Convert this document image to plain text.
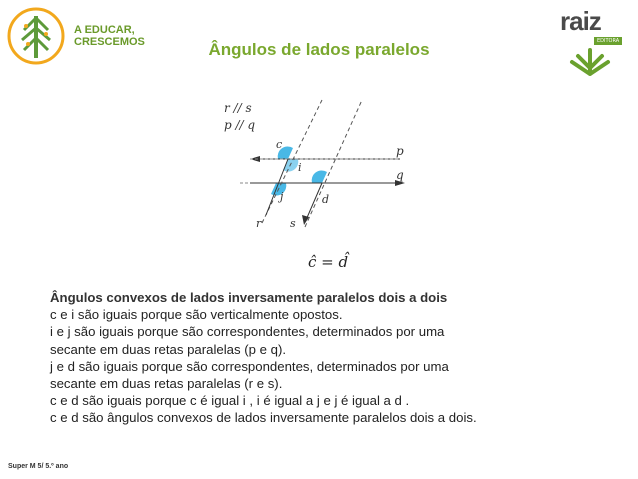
A EDUCAR,
CRESCEMOS
raiz
EDITORA
Ângulos de lados paralelos
r // s
p // q
c
i
j	d
p
q
r	s
ĉ = d̂

Ângulos convexos de lados inversamente paralelos dois a dois

c e i são iguais porque são verticalmente opostos.

i e j são iguais porque são correspondentes, determinados por uma

secante em duas retas paralelas (p e q).

j e d são iguais porque são correspondentes, determinados por uma

secante em duas retas paralelas (r e s).

c e d são iguais porque c é igual i , i é igual a j e j é igual a d .

c e d são ângulos convexos de lados inversamente paralelos dois a dois.

Super M 5/ 5.º ano
